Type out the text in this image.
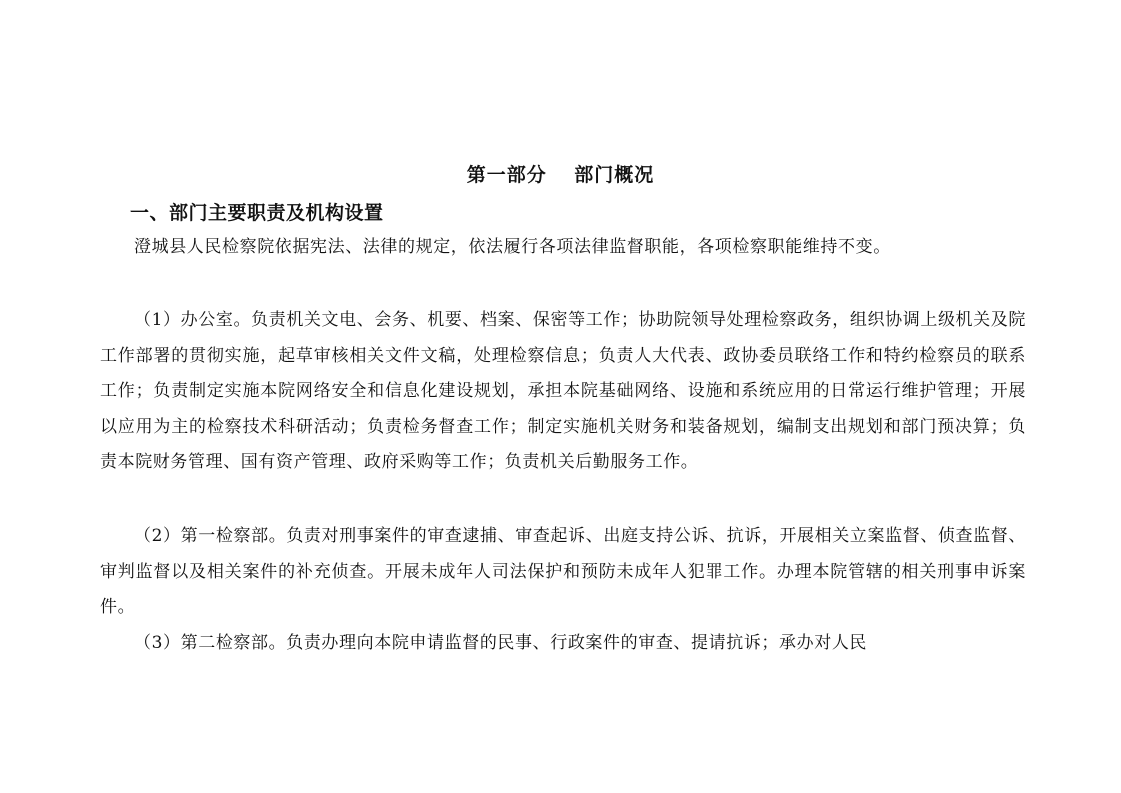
第一部分　 部门概况
一、部门主要职责及机构设置

澄城县人民检察院依据宪法、法律的规定，依法履行各项法律监督职能，各项检察职能维持不变。

（1）办公室。负责机关文电、会务、机要、档案、保密等工作；协助院领导处理检察政务，组织协调上级机关及院工作部署的贯彻实施，起草审核相关文件文稿，处理检察信息；负责人大代表、政协委员联络工作和特约检察员的联系工作；负责制定实施本院网络安全和信息化建设规划，承担本院基础网络、设施和系统应用的日常运行维护管理；开展以应用为主的检察技术科研活动；负责检务督查工作；制定实施机关财务和装备规划，编制支出规划和部门预决算；负责本院财务管理、国有资产管理、政府采购等工作；负责机关后勤服务工作。

（2）第一检察部。负责对刑事案件的审查逮捕、审查起诉、出庭支持公诉、抗诉，开展相关立案监督、侦查监督、审判监督以及相关案件的补充侦查。开展未成年人司法保护和预防未成年人犯罪工作。办理本院管辖的相关刑事申诉案件。

（3）第二检察部。负责办理向本院申请监督的民事、行政案件的审查、提请抗诉；承办对人民
